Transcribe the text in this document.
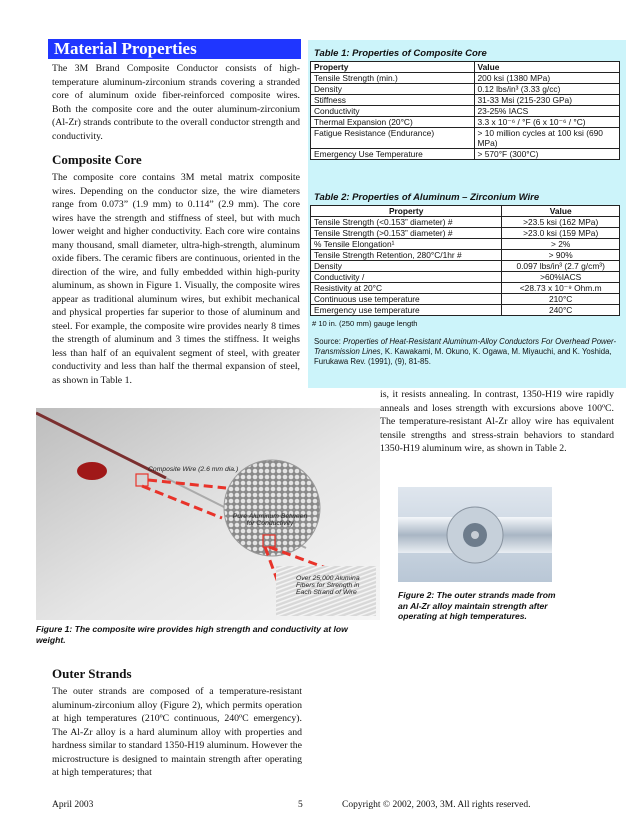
Material Properties
The 3M Brand Composite Conductor consists of high-temperature aluminum-zirconium strands covering a stranded core of aluminum oxide fiber-reinforced composite wires. Both the composite core and the outer aluminum-zirconium (Al-Zr) strands contribute to the overall conductor strength and conductivity.
Composite Core
The composite core contains 3M metal matrix composite wires. Depending on the conductor size, the wire diameters range from 0.073” (1.9 mm) to 0.114” (2.9 mm). The core wires have the strength and stiffness of steel, but with much lower weight and higher conductivity. Each core wire contains many thousand, small diameter, ultra-high-strength, aluminum oxide fibers. The ceramic fibers are continuous, oriented in the direction of the wire, and fully embedded within high-purity aluminum, as shown in Figure 1. Visually, the composite wires appear as traditional aluminum wires, but exhibit mechanical and physical properties far superior to those of aluminum and steel. For example, the composite wire provides nearly 8 times the strength of aluminum and 3 times the stiffness. It weighs less than half of an equivalent segment of steel, with greater conductivity and less than half the thermal expansion of steel, as shown in Table 1.
Table 1: Properties of Composite Core
Property	Value
Tensile Strength (min.)	200 ksi (1380 MPa)
Density	0.12 lbs/in³ (3.33 g/cc)
Stiffness	31-33 Msi (215-230 GPa)
Conductivity	23-25% IACS
Thermal Expansion (20°C)	3.3 x 10⁻⁶ / °F (6 x 10⁻⁶ / °C)
Fatigue Resistance (Endurance)	> 10 million cycles at 100 ksi (690 MPa)
Emergency Use Temperature	> 570°F (300°C)
Table 2: Properties of Aluminum – Zirconium Wire
Property	Value
Tensile Strength (<0.153” diameter) #	>23.5 ksi (162 MPa)
Tensile Strength (>0.153” diameter) #	>23.0 ksi (159 MPa)
% Tensile Elongation¹	> 2%
Tensile Strength Retention, 280°C/1hr #	> 90%
Density	0.097 lbs/in³ (2.7 g/cm³)
Conductivity /	>60%IACS
Resistivity at 20°C	<28.73 x 10⁻⁹ Ohm.m
Continuous use temperature	210°C
Emergency use temperature	240°C
# 10 in. (250 mm) gauge length
Source: Properties of Heat-Resistant Aluminum-Alloy Conductors For Overhead Power-Transmission Lines, K. Kawakami, M. Okuno, K. Ogawa, M. Miyauchi, and K. Yoshida, Furukawa Rev. (1991), (9), 81-85.
is, it resists annealing. In contrast, 1350-H19 wire rapidly anneals and loses strength with excursions above 100ºC. The temperature-resistant Al-Zr alloy wire has equivalent tensile strengths and stress-strain behaviors to standard 1350-H19 aluminum wire, as shown in Table 2.
Composite Wire (2.6 mm dia.)
Pure Aluminum Between for Conductivity
Over 25,000 Alumina Fibers for Strength in Each Strand of Wire
Figure 1: The composite wire provides high strength and conductivity at low weight.
Figure 2: The outer strands made from an Al-Zr alloy maintain strength after operating at high temperatures.
Outer Strands
The outer strands are composed of a temperature-resistant aluminum-zirconium alloy (Figure 2), which permits operation at high temperatures (210ºC continuous, 240ºC emergency). The Al-Zr alloy is a hard aluminum alloy with properties and hardness similar to standard 1350-H19 aluminum. However the microstructure is designed to maintain strength after operating at high temperatures; that
April 2003	5	Copyright © 2002, 2003, 3M. All rights reserved.
